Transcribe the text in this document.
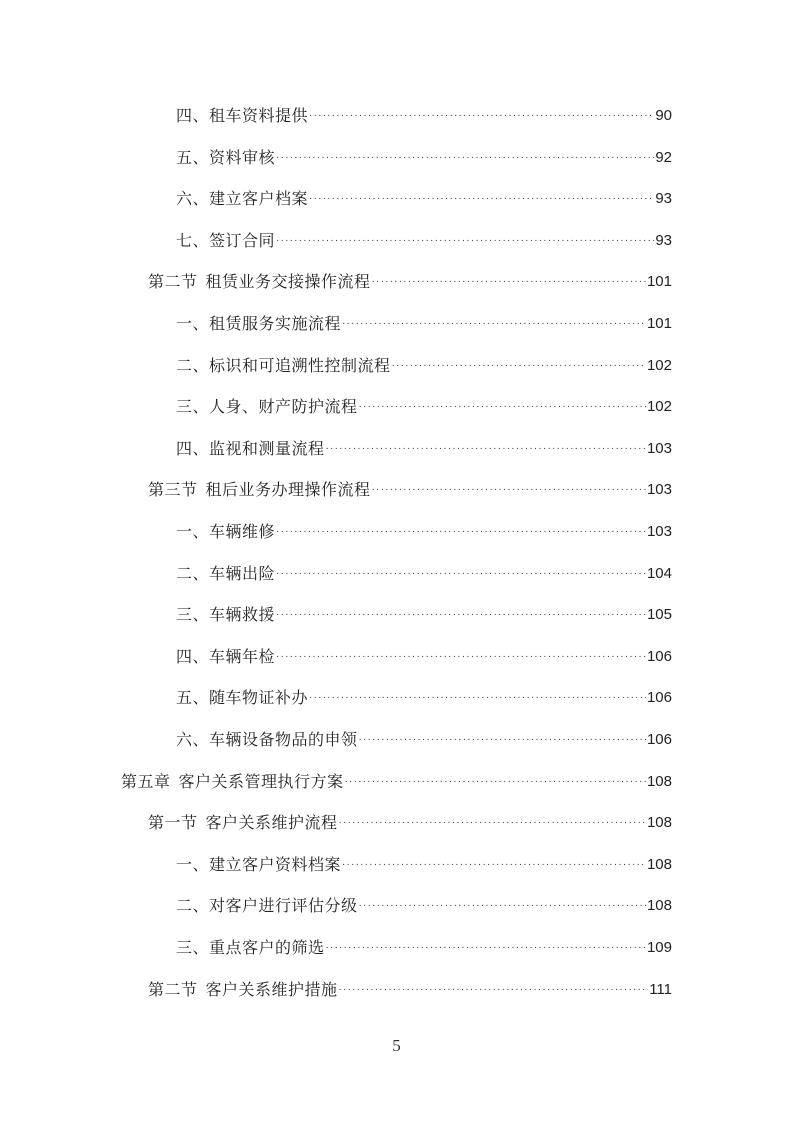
四、租车资料提供 ·····	90
五、资料审核 ·····	92
六、建立客户档案 ·····	93
七、签订合同 ·····	93
第二节 租赁业务交接操作流程 ·····	101
一、租赁服务实施流程 ·····	101
二、标识和可追溯性控制流程 ·····	102
三、人身、财产防护流程 ·····	102
四、监视和测量流程 ·····	103
第三节 租后业务办理操作流程 ·····	103
一、车辆维修 ·····	103
二、车辆出险 ·····	104
三、车辆救援 ·····	105
四、车辆年检 ·····	106
五、随车物证补办 ·····	106
六、车辆设备物品的申领 ·····	106
第五章 客户关系管理执行方案 ·····	108
第一节 客户关系维护流程 ·····	108
一、建立客户资料档案 ·····	108
二、对客户进行评估分级 ·····	108
三、重点客户的筛选 ·····	109
第二节 客户关系维护措施 ·····	111
5
